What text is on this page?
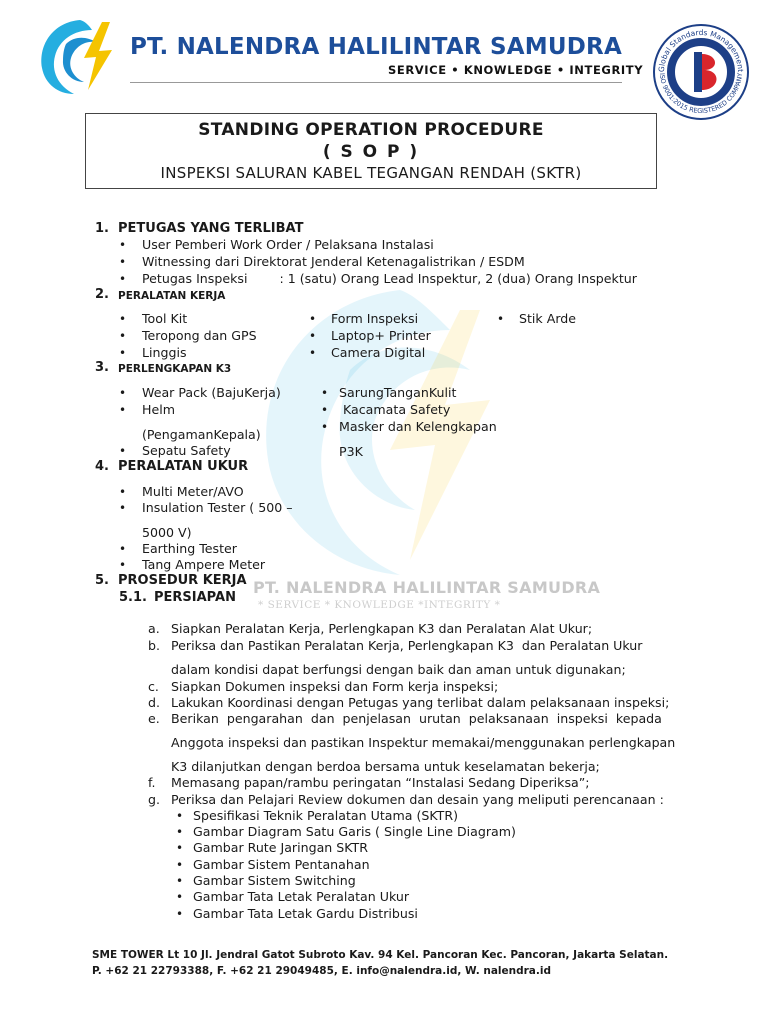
PT. NALENDRA HALILINTAR SAMUDRA
* SERVICE * KNOWLEDGE *INTEGRITY *
PT. NALENDRA HALILINTAR SAMUDRA
SERVICE • KNOWLEDGE • INTEGRITY Global Standards Management
ISO 9001:2015 REGISTERED COMPANY
STANDING OPERATION PROCEDURE
( S O P )
INSPEKSI SALURAN KABEL TEGANGAN RENDAH (SKTR)
1. PETUGAS YANG TERLIBAT
• User Pemberi Work Order / Pelaksana Instalasi
• Witnessing dari Direktorat Jenderal Ketenagalistrikan / ESDM
• Petugas Inspeksi        : 1 (satu) Orang Lead Inspektur, 2 (dua) Orang Inspektur
2. PERALATAN KERJA
• Tool Kit
• Teropong dan GPS
• Linggis
• Form Inspeksi
• Laptop+ Printer
• Camera Digital
• Stik Arde
3. PERLENGKAPAN K3
• Wear Pack (BajuKerja)
• Helm
(PengamanKepala)
• Sepatu Safety
• SarungTanganKulit
• Kacamata Safety
• Masker dan Kelengkapan
P3K
4. PERALATAN UKUR
• Multi Meter/AVO
• Insulation Tester ( 500 –
5000 V)
• Earthing Tester
• Tang Ampere Meter
5. PROSEDUR KERJA
5.1. PERSIAPAN
a. Siapkan Peralatan Kerja, Perlengkapan K3 dan Peralatan Alat Ukur;
b. Periksa dan Pastikan Peralatan Kerja, Perlengkapan K3  dan Peralatan Ukur
dalam kondisi dapat berfungsi dengan baik dan aman untuk digunakan;
c. Siapkan Dokumen inspeksi dan Form kerja inspeksi;
d. Lakukan Koordinasi dengan Petugas yang terlibat dalam pelaksanaan inspeksi;
e. Berikan  pengarahan  dan  penjelasan  urutan  pelaksanaan  inspeksi  kepada
Anggota inspeksi dan pastikan Inspektur memakai/menggunakan perlengkapan
K3 dilanjutkan dengan berdoa bersama untuk keselamatan bekerja;
f. Memasang papan/rambu peringatan “Instalasi Sedang Diperiksa”;
g. Periksa dan Pelajari Review dokumen dan desain yang meliputi perencanaan :
• Spesifikasi Teknik Peralatan Utama (SKTR)
• Gambar Diagram Satu Garis ( Single Line Diagram)
• Gambar Rute Jaringan SKTR
• Gambar Sistem Pentanahan
• Gambar Sistem Switching
• Gambar Tata Letak Peralatan Ukur
• Gambar Tata Letak Gardu Distribusi
SME TOWER Lt 10 Jl. Jendral Gatot Subroto Kav. 94 Kel. Pancoran Kec. Pancoran, Jakarta Selatan.
P. +62 21 22793388, F. +62 21 29049485, E. info@nalendra.id, W. nalendra.id
